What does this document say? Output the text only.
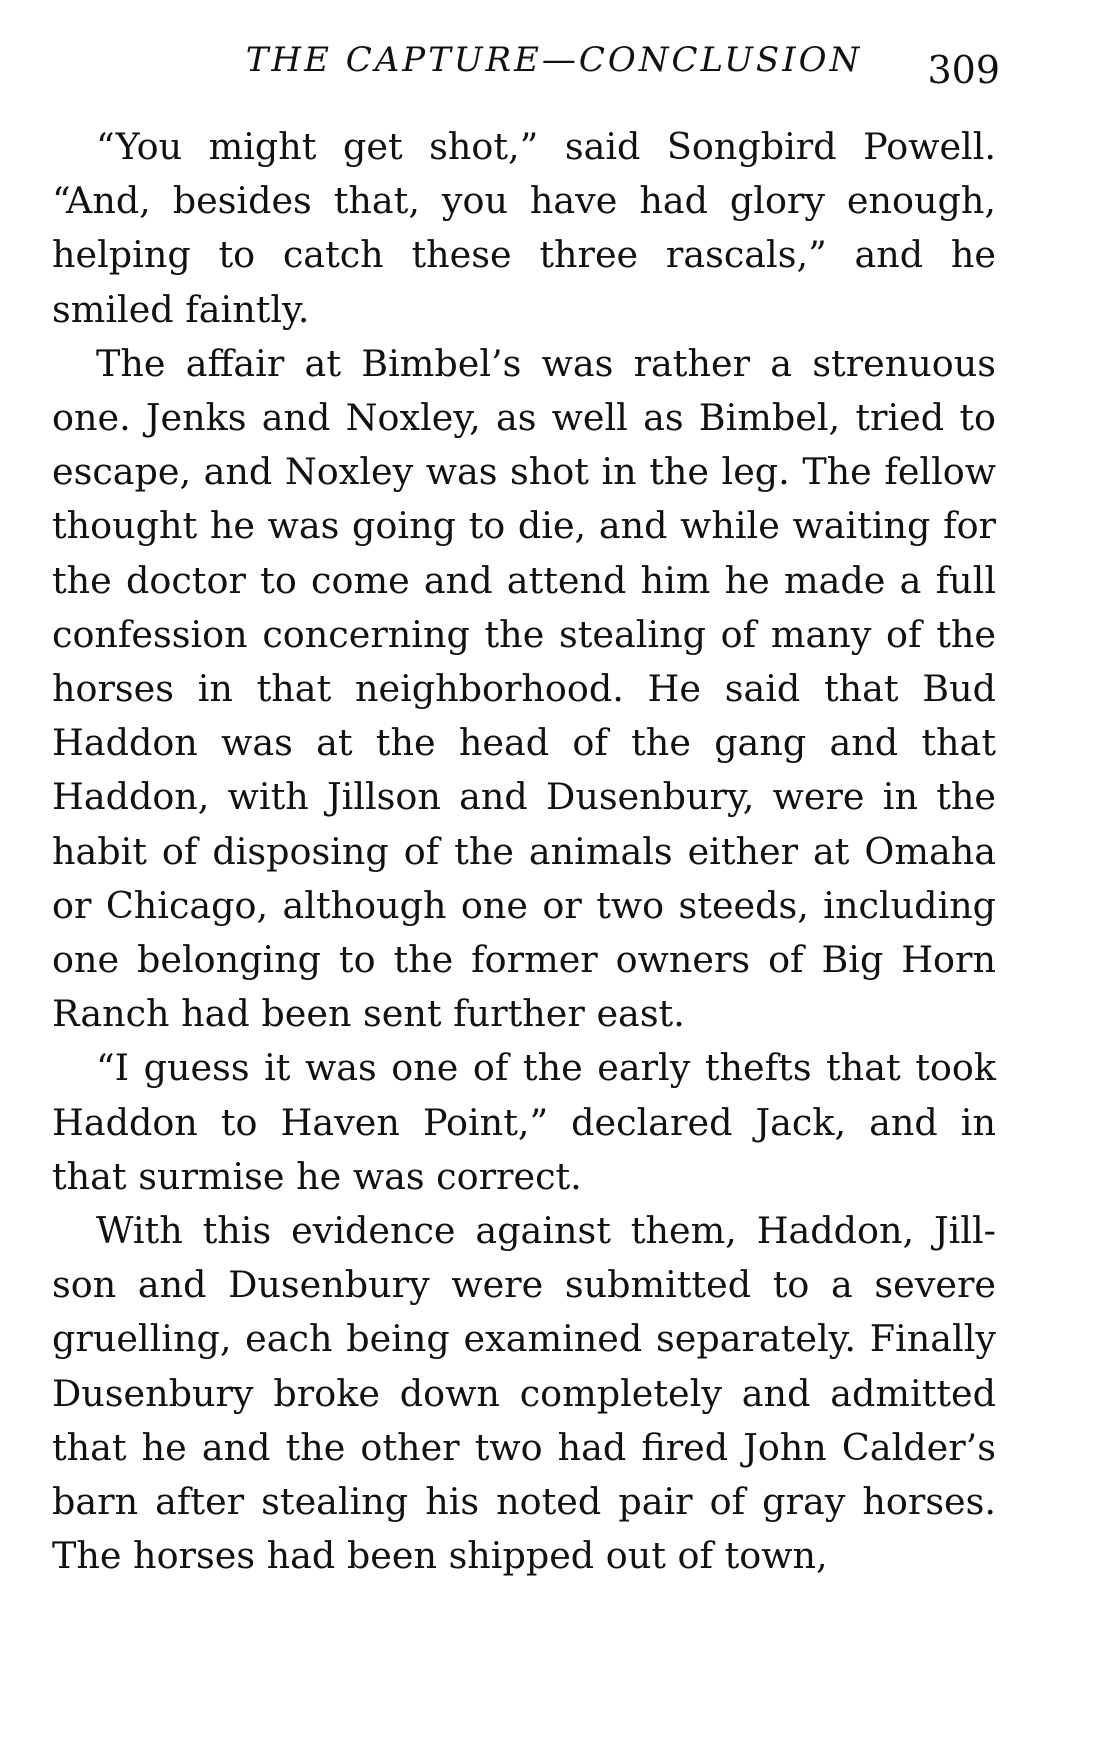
THE CAPTURE—CONCLUSION	309

“You might get shot,” said Songbird Powell. “And, besides that, you have had glory enough, helping to catch these three rascals,” and he smiled faintly.

The affair at Bimbel’s was rather a strenuous one. Jenks and Noxley, as well as Bimbel, tried to escape, and Noxley was shot in the leg. The fellow thought he was going to die, and while waiting for the doctor to come and attend him he made a full confession concerning the stealing of many of the horses in that neighborhood. He said that Bud Haddon was at the head of the gang and that Haddon, with Jillson and Dusenbury, were in the habit of disposing of the animals either at Omaha or Chicago, although one or two steeds, including one belonging to the former owners of Big Horn Ranch had been sent further east.

“I guess it was one of the early thefts that took Haddon to Haven Point,” declared Jack, and in that surmise he was correct.

With this evidence against them, Haddon, Jillson and Dusenbury were submitted to a severe gruelling, each being examined separately. Finally Dusenbury broke down completely and admitted that he and the other two had fired John Calder’s barn after stealing his noted pair of gray horses. The horses had been shipped out of town,
